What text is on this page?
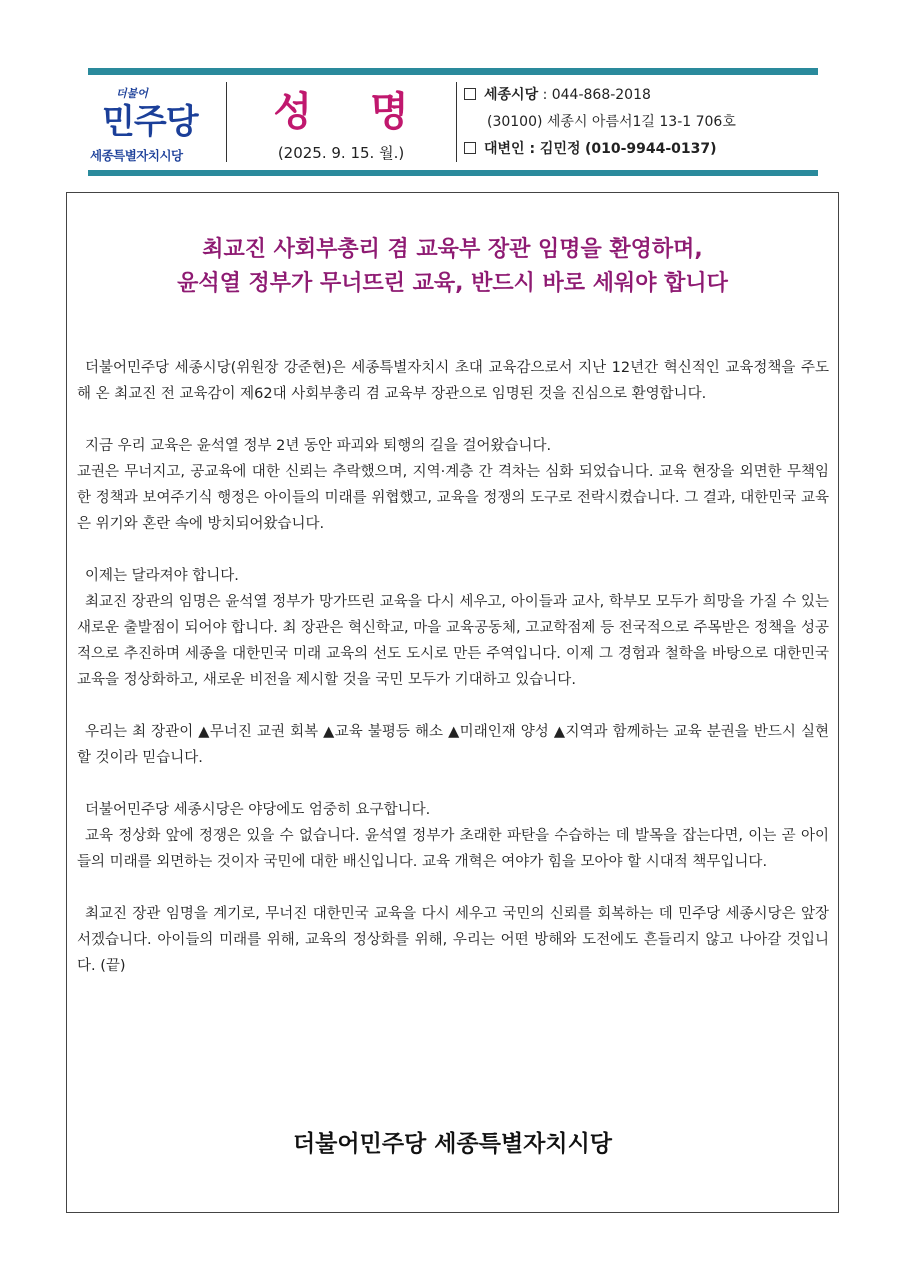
더불어
민주당
세종특별자치시당
성 명
(2025. 9. 15. 월.)
세종시당 : 044-868-2018
(30100) 세종시 아름서1길 13-1 706호
대변인 : 김민정 (010-9944-0137)
최교진 사회부총리 겸 교육부 장관 임명을 환영하며,
윤석열 정부가 무너뜨린 교육, 반드시 바로 세워야 합니다

더불어민주당 세종시당(위원장 강준현)은 세종특별자치시 초대 교육감으로서 지난 12년간 혁신적인 교육정책을 주도해 온 최교진 전 교육감이 제62대 사회부총리 겸 교육부 장관으로 임명된 것을 진심으로 환영합니다.

지금 우리 교육은 윤석열 정부 2년 동안 파괴와 퇴행의 길을 걸어왔습니다.

교권은 무너지고, 공교육에 대한 신뢰는 추락했으며, 지역·계층 간 격차는 심화 되었습니다. 교육 현장을 외면한 무책임한 정책과 보여주기식 행정은 아이들의 미래를 위협했고, 교육을 정쟁의 도구로 전락시켰습니다. 그 결과, 대한민국 교육은 위기와 혼란 속에 방치되어왔습니다.

이제는 달라져야 합니다.

최교진 장관의 임명은 윤석열 정부가 망가뜨린 교육을 다시 세우고, 아이들과 교사, 학부모 모두가 희망을 가질 수 있는 새로운 출발점이 되어야 합니다. 최 장관은 혁신학교, 마을 교육공동체, 고교학점제 등 전국적으로 주목받은 정책을 성공적으로 추진하며 세종을 대한민국 미래 교육의 선도 도시로 만든 주역입니다. 이제 그 경험과 철학을 바탕으로 대한민국 교육을 정상화하고, 새로운 비전을 제시할 것을 국민 모두가 기대하고 있습니다.

우리는 최 장관이 ▲무너진 교권 회복 ▲교육 불평등 해소 ▲미래인재 양성 ▲지역과 함께하는 교육 분권을 반드시 실현할 것이라 믿습니다.

더불어민주당 세종시당은 야당에도 엄중히 요구합니다.

교육 정상화 앞에 정쟁은 있을 수 없습니다. 윤석열 정부가 초래한 파탄을 수습하는 데 발목을 잡는다면, 이는 곧 아이들의 미래를 외면하는 것이자 국민에 대한 배신입니다. 교육 개혁은 여야가 힘을 모아야 할 시대적 책무입니다.

최교진 장관 임명을 계기로, 무너진 대한민국 교육을 다시 세우고 국민의 신뢰를 회복하는 데 민주당 세종시당은 앞장서겠습니다. 아이들의 미래를 위해, 교육의 정상화를 위해, 우리는 어떤 방해와 도전에도 흔들리지 않고 나아갈 것입니다. (끝)

더불어민주당 세종특별자치시당
